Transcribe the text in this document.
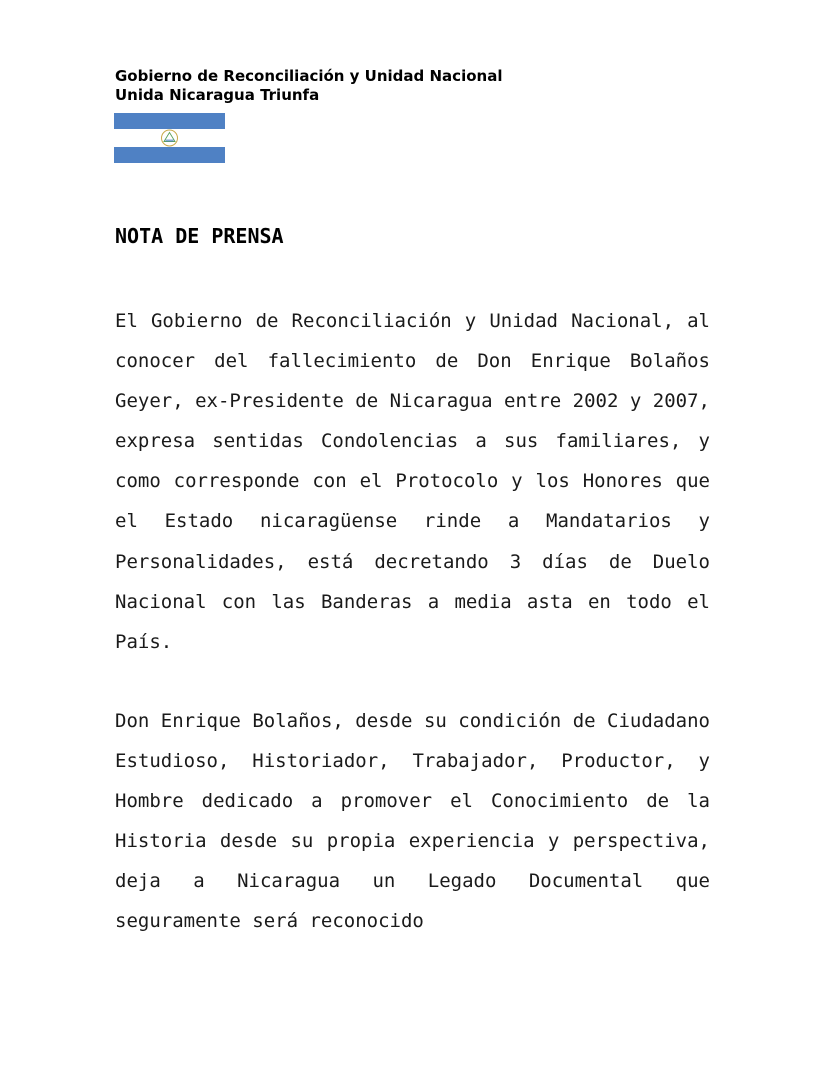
Gobierno de Reconciliación y Unidad Nacional
Unida Nicaragua Triunfa
NOTA DE PRENSA

El Gobierno de Reconciliación y Unidad Nacional, al conocer del fallecimiento de Don Enrique Bolaños Geyer, ex-Presidente de Nicaragua entre 2002 y 2007, expresa sentidas Condolencias a sus familiares, y como corresponde con el Protocolo y los Honores que el Estado nicaragüense rinde a Mandatarios y Personalidades, está decretando 3 días de Duelo Nacional con las Banderas a media asta en todo el País.

Don Enrique Bolaños, desde su condición de Ciudadano Estudioso, Historiador, Trabajador, Productor, y Hombre dedicado a promover el Conocimiento de la Historia desde su propia experiencia y perspectiva, deja a Nicaragua un Legado Documental que seguramente será reconocido
